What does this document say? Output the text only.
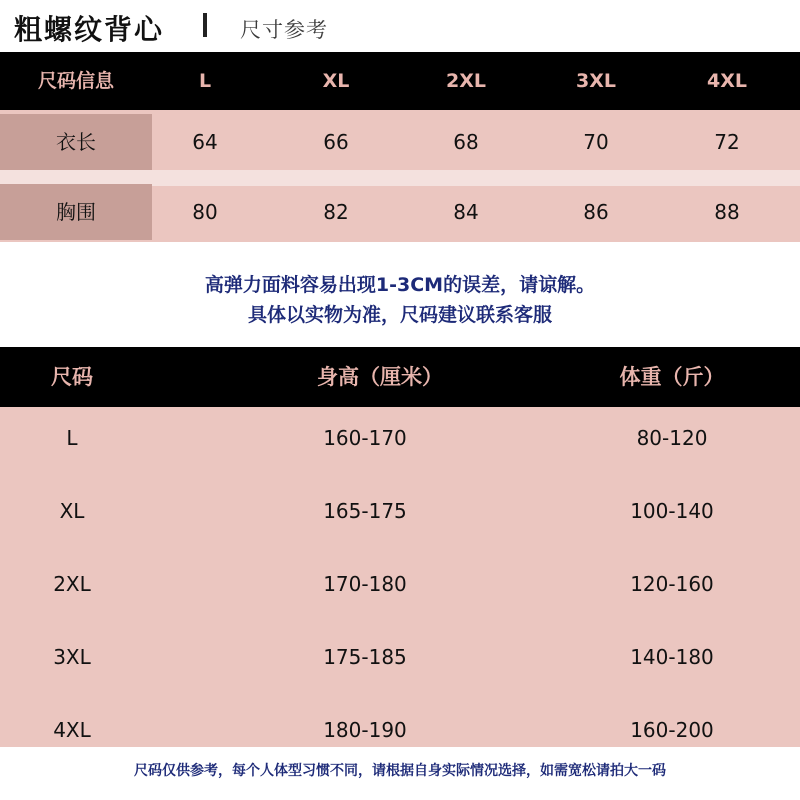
粗螺纹背心	尺寸参考
尺码信息	L	XL	2XL	3XL	4XL
衣长	64	66	68	70	72
胸围	80	82	84	86	88
高弹力面料容易出现1-3CM的误差，请谅解。
具体以实物为准，尺码建议联系客服
尺码	身高（厘米）	体重（斤）
L	160-170	80-120
XL	165-175	100-140
2XL	170-180	120-160
3XL	175-185	140-180
4XL	180-190	160-200
尺码仅供参考，每个人体型习惯不同，请根据自身实际情况选择，如需宽松请拍大一码
